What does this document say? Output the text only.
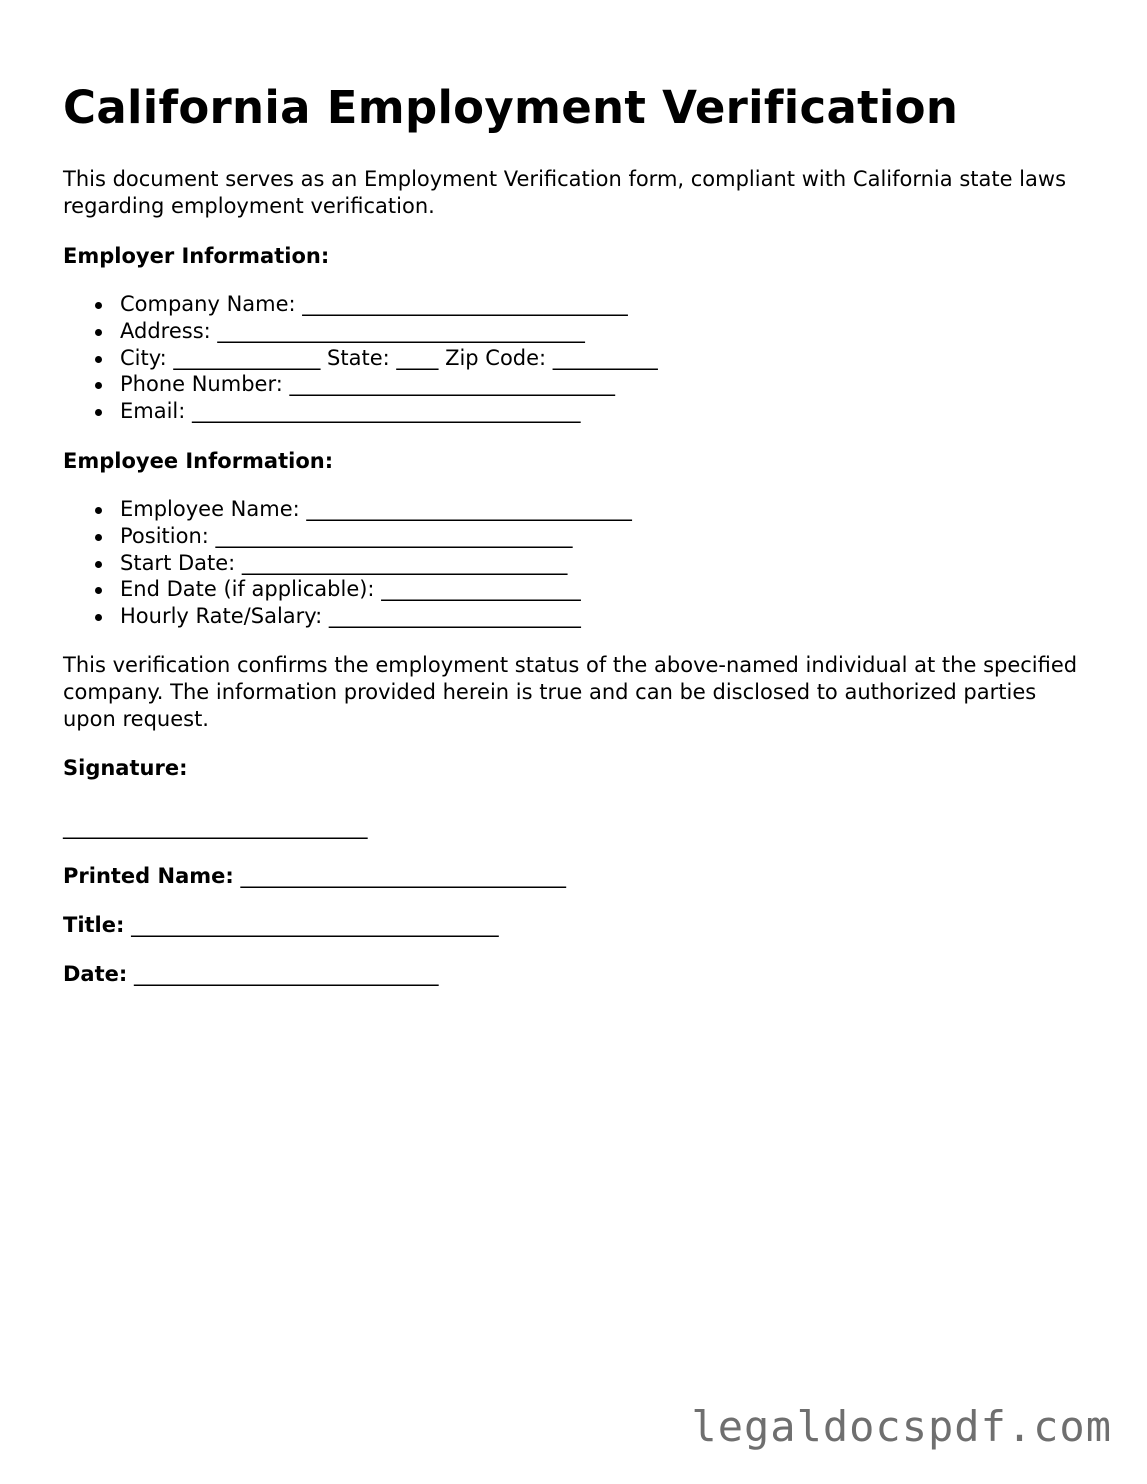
California Employment Verification

This document serves as an Employment Verification form, compliant with California state laws regarding employment verification.

Employer Information:

Company Name: _______________________________
Address: ___________________________________
City: ______________ State: ____ Zip Code: __________
Phone Number: _______________________________
Email: _____________________________________

Employee Information:

Employee Name: _______________________________
Position: __________________________________
Start Date: _______________________________
End Date (if applicable): ___________________
Hourly Rate/Salary: ________________________

This verification confirms the employment status of the above-named individual at the specified company. The information provided herein is true and can be disclosed to authorized parties upon request.

Signature:

_____________________________

Printed Name: _______________________________

Title: ___________________________________

Date: _____________________________

legaldocspdf.com
